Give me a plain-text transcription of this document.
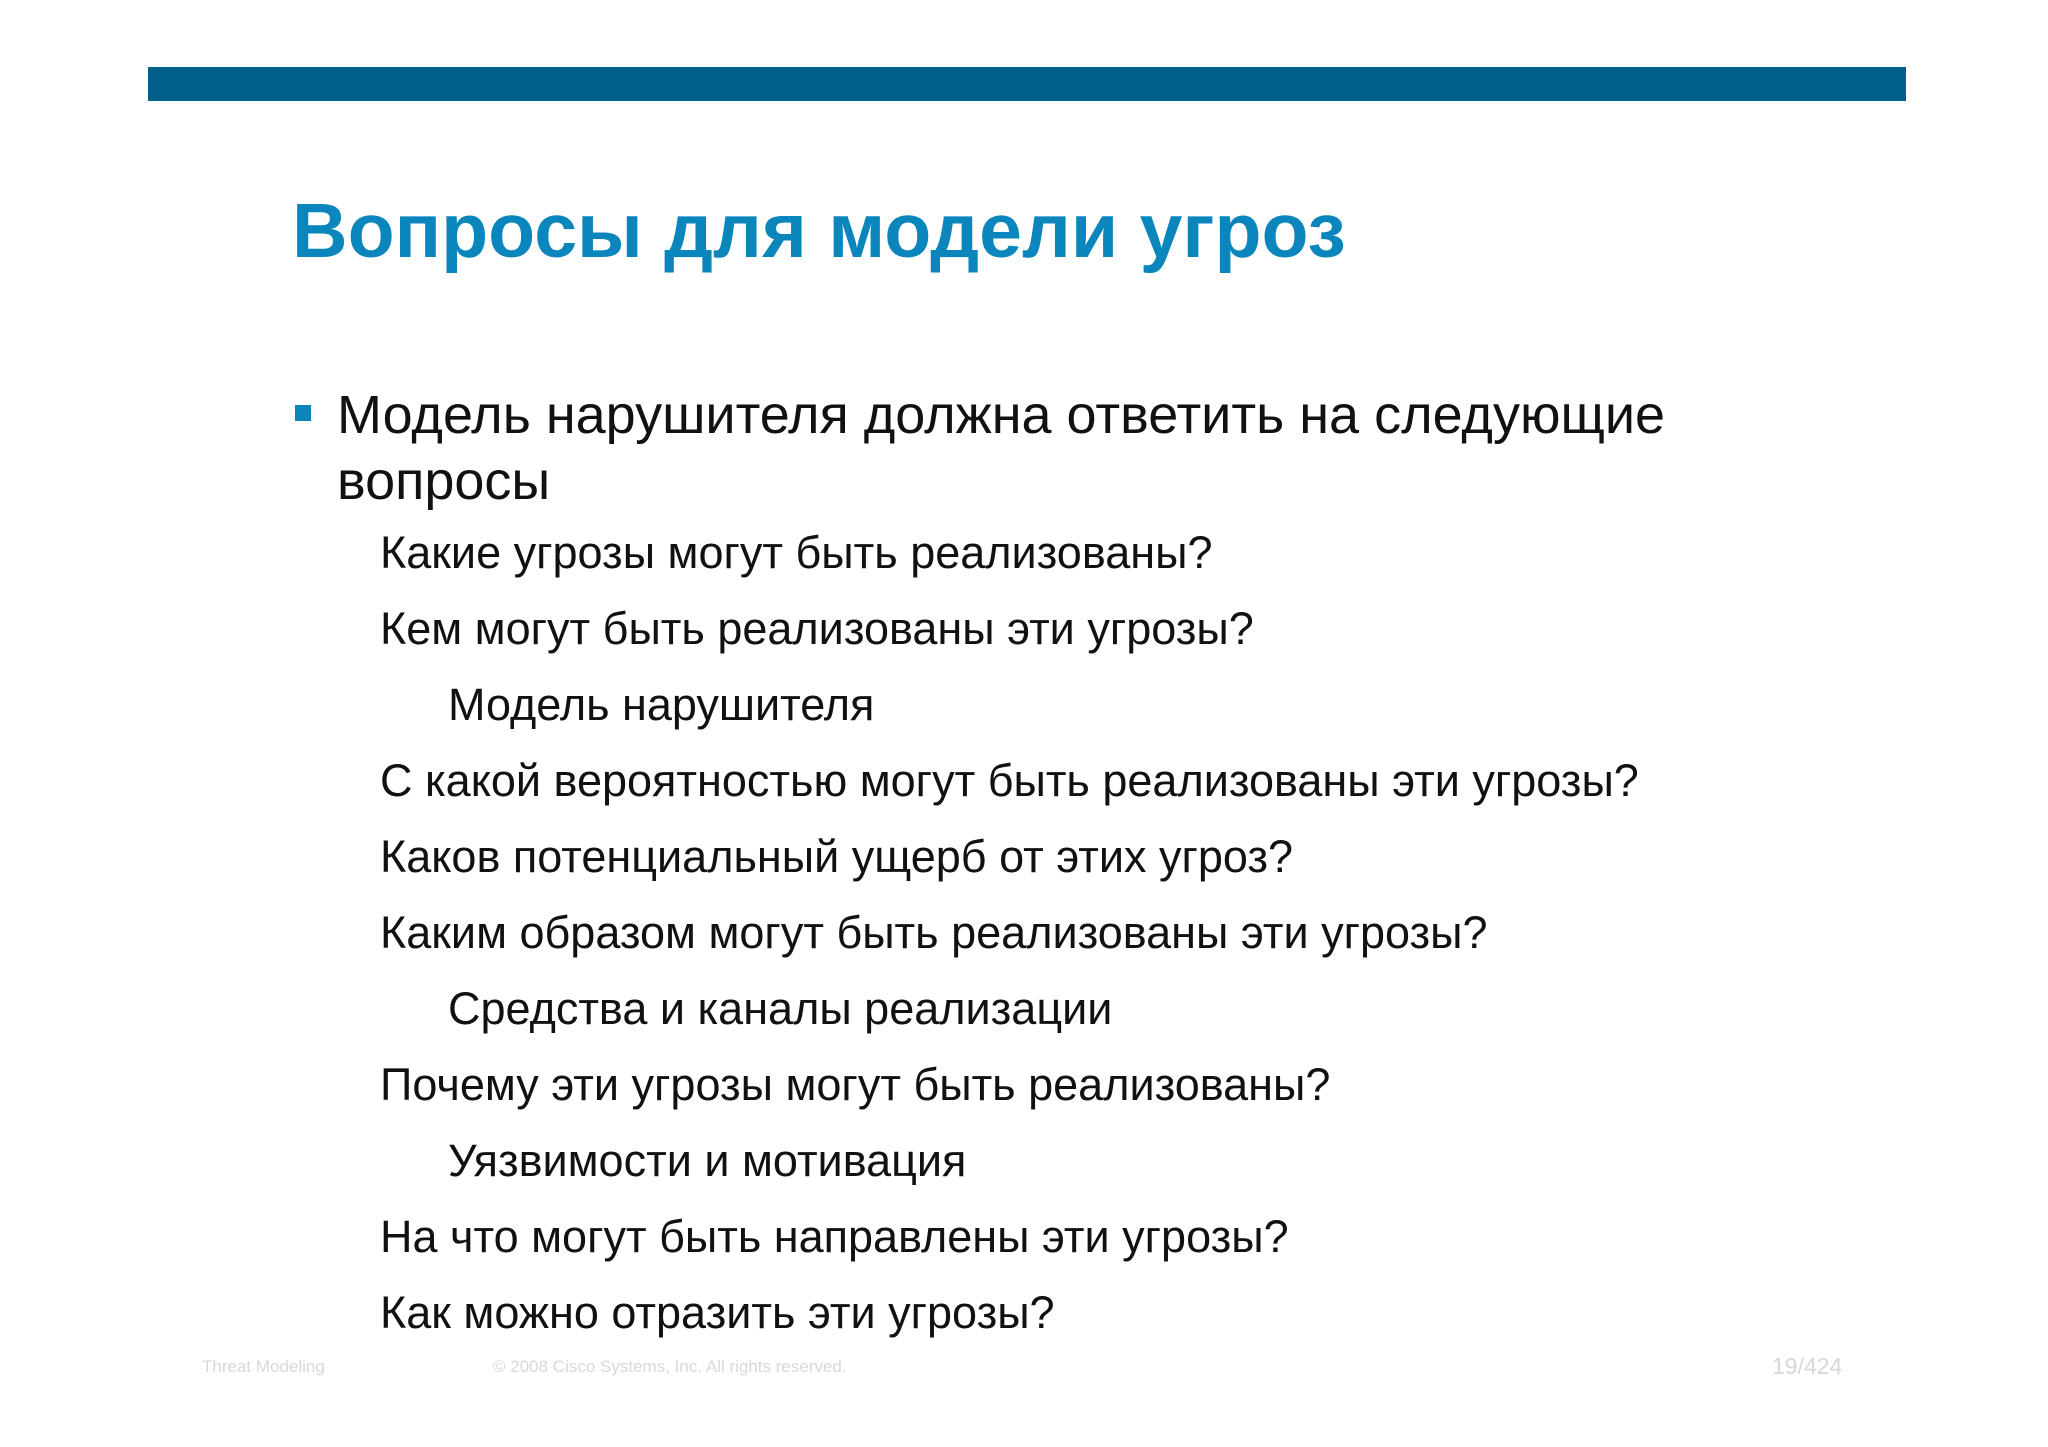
Вопросы для модели угроз

Модель нарушителя должна ответить на следующие вопросы

Какие угрозы могут быть реализованы?
Кем могут быть реализованы эти угрозы?
Модель нарушителя
С какой вероятностью могут быть реализованы эти угрозы?
Каков потенциальный ущерб от этих угроз?
Каким образом могут быть реализованы эти угрозы?
Средства и каналы реализации
Почему эти угрозы могут быть реализованы?
Уязвимости и мотивация
На что могут быть направлены эти угрозы?
Как можно отразить эти угрозы?
Threat Modeling	© 2008 Cisco Systems, Inc. All rights reserved.	19/424
